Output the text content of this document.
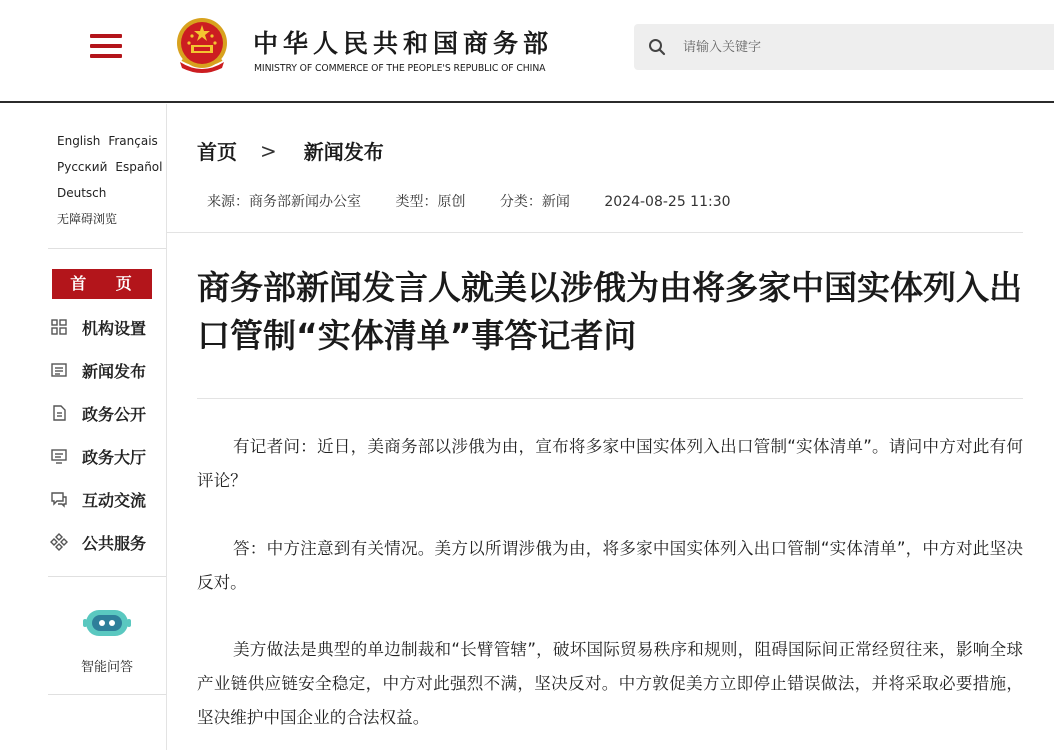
中华人民共和国商务部
MINISTRY OF COMMERCE OF THE PEOPLE'S REPUBLIC OF CHINA
请输入关键字
English Français
Русский Español
Deutsch
无障碍浏览
首 页
机构设置
新闻发布
政务公开
政务大厅
互动交流
公共服务
智能问答
首页 > 新闻发布
来源：商务部新闻办公室 类型：原创 分类：新闻 2024-08-25 11:30
商务部新闻发言人就美以涉俄为由将多家中国实体列入出口管制“实体清单”事答记者问

有记者问：近日，美商务部以涉俄为由，宣布将多家中国实体列入出口管制“实体清单”。请问中方对此有何评论？

答：中方注意到有关情况。美方以所谓涉俄为由，将多家中国实体列入出口管制“实体清单”，中方对此坚决反对。

美方做法是典型的单边制裁和“长臂管辖”，破坏国际贸易秩序和规则，阻碍国际间正常经贸往来，影响全球产业链供应链安全稳定，中方对此强烈不满，坚决反对。中方敦促美方立即停止错误做法，并将采取必要措施，坚决维护中国企业的合法权益。
